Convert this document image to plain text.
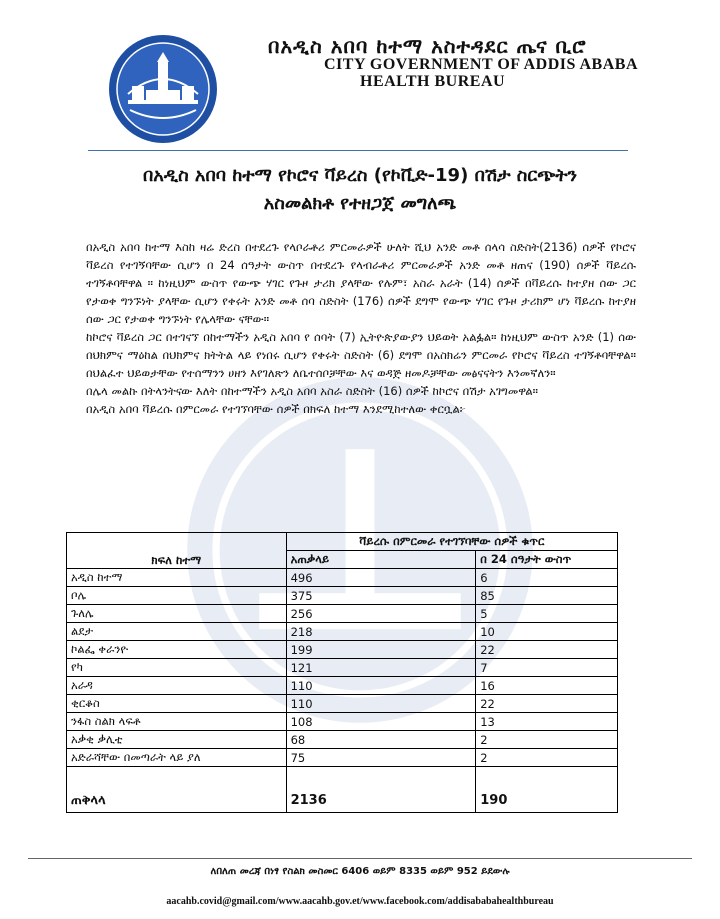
በአዲስ አበባ ከተማ አስተዳደር ጤና ቢሮ
CITY GOVERNMENT OF ADDIS ABABA
HEALTH BUREAU
በአዲስ አበባ ከተማ የኮሮና ቫይረስ (የኮቪድ-19) በሽታ ስርጭትን
አስመልክቶ የተዘጋጀ መግለጫ

በአዲስ አበባ ከተማ እስከ ዛሬ ድረስ በተደረጉ የላቦራቶሪ ምርመራዎች ሁለት ሺህ አንድ መቶ ሰላሳ ስድስት(2136) ሰዎች የኮሮና ቫይረስ የተገኝባቸው ሲሆን በ 24 ሰዓታት ውስጥ በተደረጉ የላብራቶሪ ምርመራዎች አንድ መቶ ዘጠና (190) ሰዎች ቫይረሱ ተገኝቶባቸዋል ። ከነዚህም ውስጥ የውጭ ሃገር የጉዞ ታሪክ ያላቸው የሉም፣ አስራ አራት (14) ሰዎች በቫይረሱ ከተያዘ ሰው ጋር የታወቀ ግንኙነት ያላቸው ሲሆን የቀሩት አንድ መቶ ሰባ ስድስት (176) ሰዎች ደግሞ የውጭ ሃገር የጉዞ ታሪክም ሆነ ቫይረሱ ከተያዘ ሰው ጋር የታወቀ ግንኙነት የሌላቸው ናቸው።

ከኮሮና ቫይረስ ጋር በተገናኘ በከተማችን አዲስ አበባ የ ሰባት (7) ኢትዮጵያውያን ህይወት አልፏል። ከነዚህም ውስጥ አንድ (1) ሰው በህክምና ማዕከል በህክምና ክትትል ላይ የነበሩ ሲሆን የቀሩት ስድስት (6) ደግሞ በአስክሬን ምርመራ የኮሮና ቫይረስ ተገኝቶባቸዋል። በህልፈተ ህይወታቸው የተሰማንን ሀዘን እየገለጽን ለቤተሰቦቻቸው እና ወዳጅ ዘመዶቻቸው መፅናናትን እንመኛለን።

በሌላ መልኩ በትላንትናው እለት በከተማችን አዲስ አበባ አስራ ስድስት (16) ሰዎች ከኮሮና በሽታ አገግመዋል።

በአዲስ አበባ ቫይረሱ በምርመራ የተገኘባቸው ሰዎች በክፍለ ከተማ እንደሚከተለው ቀርቧል፦

ክፍለ ከተማ	ቫይረሱ በምርመራ የተገኘባቸው ሰዎች ቁጥር	
	አጠቃላይ	በ 24 ሰዓታት ውስጥ
አዲስ ከተማ	496	6
ቦሌ	375	85
ጉለሌ	256	5
ልደታ	218	10
ኮልፌ ቀራንዮ	199	22
የካ	121	7
አራዳ	110	16
ቂርቆስ	110	22
ንፋስ ስልክ ላፍቶ	108	13
አቃቂ ቃሊቲ	68	2
አድራሻቸው በመጣራት ላይ ያለ	75	2
ጠቅላላ	2136	190
ለበለጠ መረጃ በነፃ የስልክ መስመር 6406 ወይም 8335 ወይም 952 ይደውሉ
aacahb.covid@gmail.com/www.aacahb.gov.et/www.facebook.com/addisababahealthbureau
